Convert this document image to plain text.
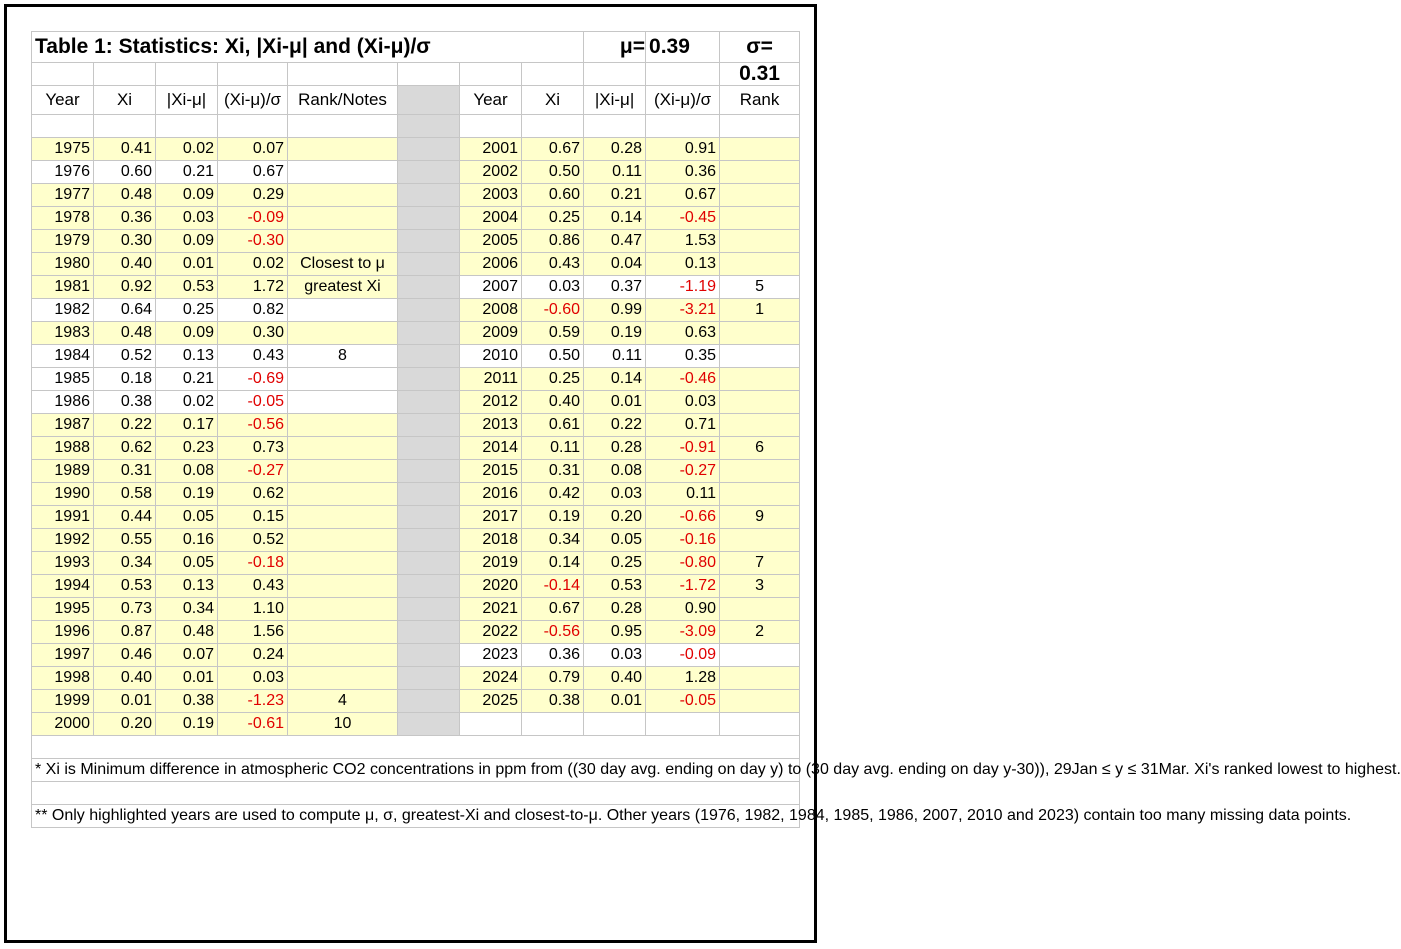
Table 1: Statistics: Xi, |Xi-μ| and (Xi-μ)/σ								μ=	0.39	σ=
										0.31
Year	Xi	|Xi-μ|	(Xi-μ)/σ	Rank/Notes		Year	Xi	|Xi-μ|	(Xi-μ)/σ	Rank

1975	0.41	0.02	0.07			2001	0.67	0.28	0.91	
1976	0.60	0.21	0.67			2002	0.50	0.11	0.36	
1977	0.48	0.09	0.29			2003	0.60	0.21	0.67	
1978	0.36	0.03	-0.09			2004	0.25	0.14	-0.45	
1979	0.30	0.09	-0.30			2005	0.86	0.47	1.53	
1980	0.40	0.01	0.02	Closest to μ		2006	0.43	0.04	0.13	
1981	0.92	0.53	1.72	greatest Xi		2007	0.03	0.37	-1.19	5
1982	0.64	0.25	0.82			2008	-0.60	0.99	-3.21	1
1983	0.48	0.09	0.30			2009	0.59	0.19	0.63	
1984	0.52	0.13	0.43	8		2010	0.50	0.11	0.35	
1985	0.18	0.21	-0.69			2011	0.25	0.14	-0.46	
1986	0.38	0.02	-0.05			2012	0.40	0.01	0.03	
1987	0.22	0.17	-0.56			2013	0.61	0.22	0.71	
1988	0.62	0.23	0.73			2014	0.11	0.28	-0.91	6
1989	0.31	0.08	-0.27			2015	0.31	0.08	-0.27	
1990	0.58	0.19	0.62			2016	0.42	0.03	0.11	
1991	0.44	0.05	0.15			2017	0.19	0.20	-0.66	9
1992	0.55	0.16	0.52			2018	0.34	0.05	-0.16	
1993	0.34	0.05	-0.18			2019	0.14	0.25	-0.80	7
1994	0.53	0.13	0.43			2020	-0.14	0.53	-1.72	3
1995	0.73	0.34	1.10			2021	0.67	0.28	0.90	
1996	0.87	0.48	1.56			2022	-0.56	0.95	-3.09	2
1997	0.46	0.07	0.24			2023	0.36	0.03	-0.09	
1998	0.40	0.01	0.03			2024	0.79	0.40	1.28	
1999	0.01	0.38	-1.23	4		2025	0.38	0.01	-0.05	
2000	0.20	0.19	-0.61	10						

* Xi is Minimum difference in atmospheric CO2 concentrations in ppm from ((30 day avg. ending on day y) to (30 day avg. ending on day y-30)), 29Jan ≤ y ≤ 31Mar. Xi's ranked lowest to highest.										

** Only highlighted years are used to compute μ, σ, greatest-Xi and closest-to-μ. Other years (1976, 1982, 1984, 1985, 1986, 2007, 2010 and 2023) contain too many missing data points.										
